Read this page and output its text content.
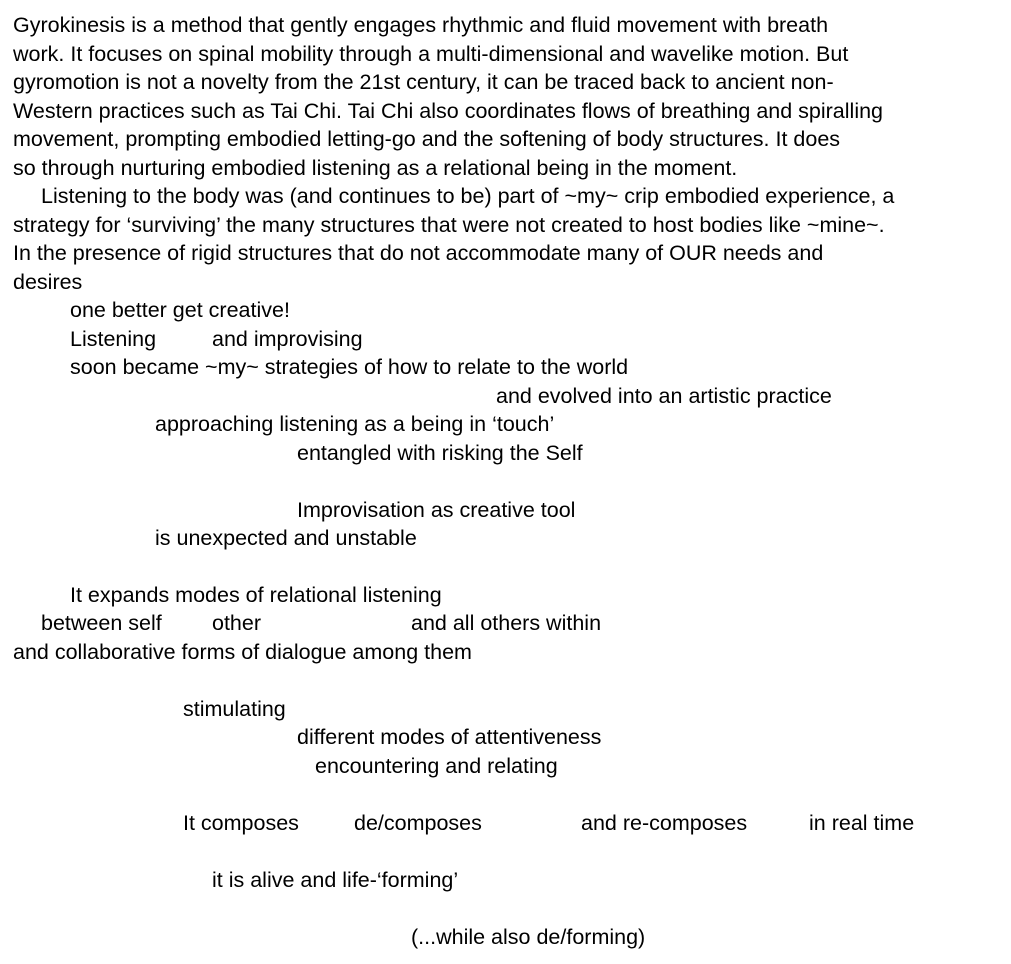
Gyrokinesis is a method that gently engages rhythmic and fluid movement with breath
work. It focuses on spinal mobility through a multi-dimensional and wavelike motion. But
gyromotion is not a novelty from the 21st century, it can be traced back to ancient non-
Western practices such as Tai Chi. Tai Chi also coordinates flows of breathing and spiralling
movement, prompting embodied letting-go and the softening of body structures. It does
so through nurturing embodied listening as a relational being in the moment.
Listening to the body was (and continues to be) part of ~my~ crip embodied experience, a
strategy for ‘surviving’ the many structures that were not created to host bodies like ~mine~.
In the presence of rigid structures that do not accommodate many of OUR needs and
desires
one better get creative!
Listening	and improvising
soon became ~my~ strategies of how to relate to the world
and evolved into an artistic practice
approaching listening as a being in ‘touch’
entangled with risking the Self
Improvisation as creative tool
is unexpected and unstable
It expands modes of relational listening
between self other	and all others within
and collaborative forms of dialogue among them
stimulating
different modes of attentiveness
encountering and relating
It composes	de/composes	and re-composes	in real time
it is alive and life-‘forming’
(...while also de/forming)
